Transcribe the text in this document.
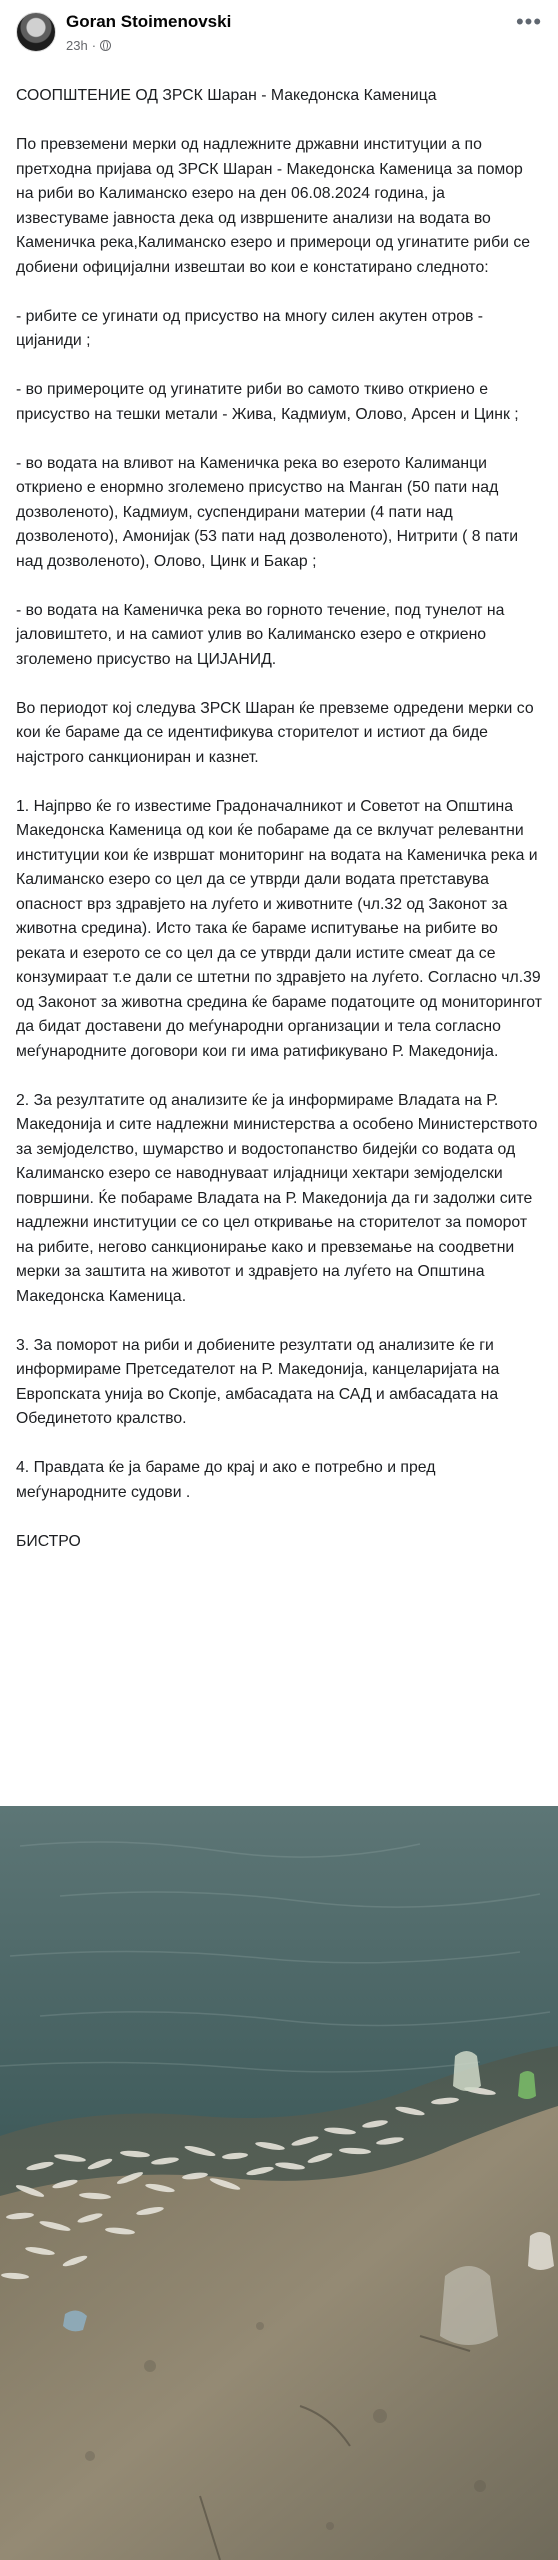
Goran Stoimenovski
23h ·
•••

СООПШТЕНИЕ ОД ЗРСК Шаран - Македонска Каменица

По превземени мерки од надлежните државни институции а по претходна пријава од ЗРСК Шаран - Македонска Каменица за помор на риби во Калиманско езеро на ден 06.08.2024 година, ја известуваме јавноста дека од извршените анализи на водата во Каменичка река,Калиманско езеро и примероци од угинатите риби се добиени официјални извештаи во кои е констатирано следното:

- рибите се угинати од присуство на многу силен акутен отров - цијаниди ;

- во примероците од угинатите риби во самото ткиво откриено е присуство на тешки метали - Жива, Кадмиум, Олово, Арсен и Цинк ;

- во водата на вливот на Каменичка река во езерото Калиманци откриено е енормно зголемено присуство на Манган (50 пати над дозволеното), Кадмиум, суспендирани материи (4 пати над дозволеното), Амонијак (53 пати над дозволеното), Нитрити ( 8 пати над дозволеното), Олово, Цинк и Бакар ;

- во водата на Каменичка река во горното течение, под тунелот на јаловиштето, и на самиот улив во Калиманско езеро е откриено зголемено присуство на ЦИЈАНИД.

Во периодот кој следува ЗРСК Шаран ќе превземе одредени мерки со кои ќе бараме да се идентификува сторителот и истиот да биде најстрого санкциониран и казнет.

1. Најпрво ќе го известиме Градоначалникот и Советот на Општина Македонска Каменица од кои ќе побараме да се вклучат релевантни институции кои ќе извршат мониторинг на водата на Каменичка река и Калиманско езеро со цел да се утврди дали водата претставува опасност врз здравјето на луѓето и животните (чл.32 од Законот за животна средина). Исто така ќе бараме испитување на рибите во реката и езерото се со цел да се утврди дали истите смеат да се конзумираат т.е дали се штетни по здравјето на луѓето. Согласно чл.39 од Законот за животна средина ќе бараме податоците од мониторингот да бидат доставени до меѓународни организации и тела согласно меѓународните договори кои ги има ратификувано Р. Македонија.

2. За резултатите од анализите ќе ја информираме Владата на Р. Македонија и сите надлежни министерства а особено Министерството за земјоделство, шумарство и водостопанство бидејќи со водата од Калиманско езеро се наводнуваат илјадници хектари земјоделски површини. Ќе побараме Владата на Р. Македонија да ги задолжи сите надлежни институции се со цел откривање на сторителот за поморот на рибите, негово санкционирање како и превземање на соодветни мерки за заштита на животот и здравјето на луѓето на Општина Македонска Каменица.

3. За поморот на риби и добиените резултати од анализите ќе ги информираме Претседателот на Р. Македонија, канцеларијата на Европската унија во Скопје, амбасадата на САД и амбасадата на Обединетото кралство.

4. Правдата ќе ја бараме до крај и ако е потребно и пред меѓународните судови .

БИСТРО
